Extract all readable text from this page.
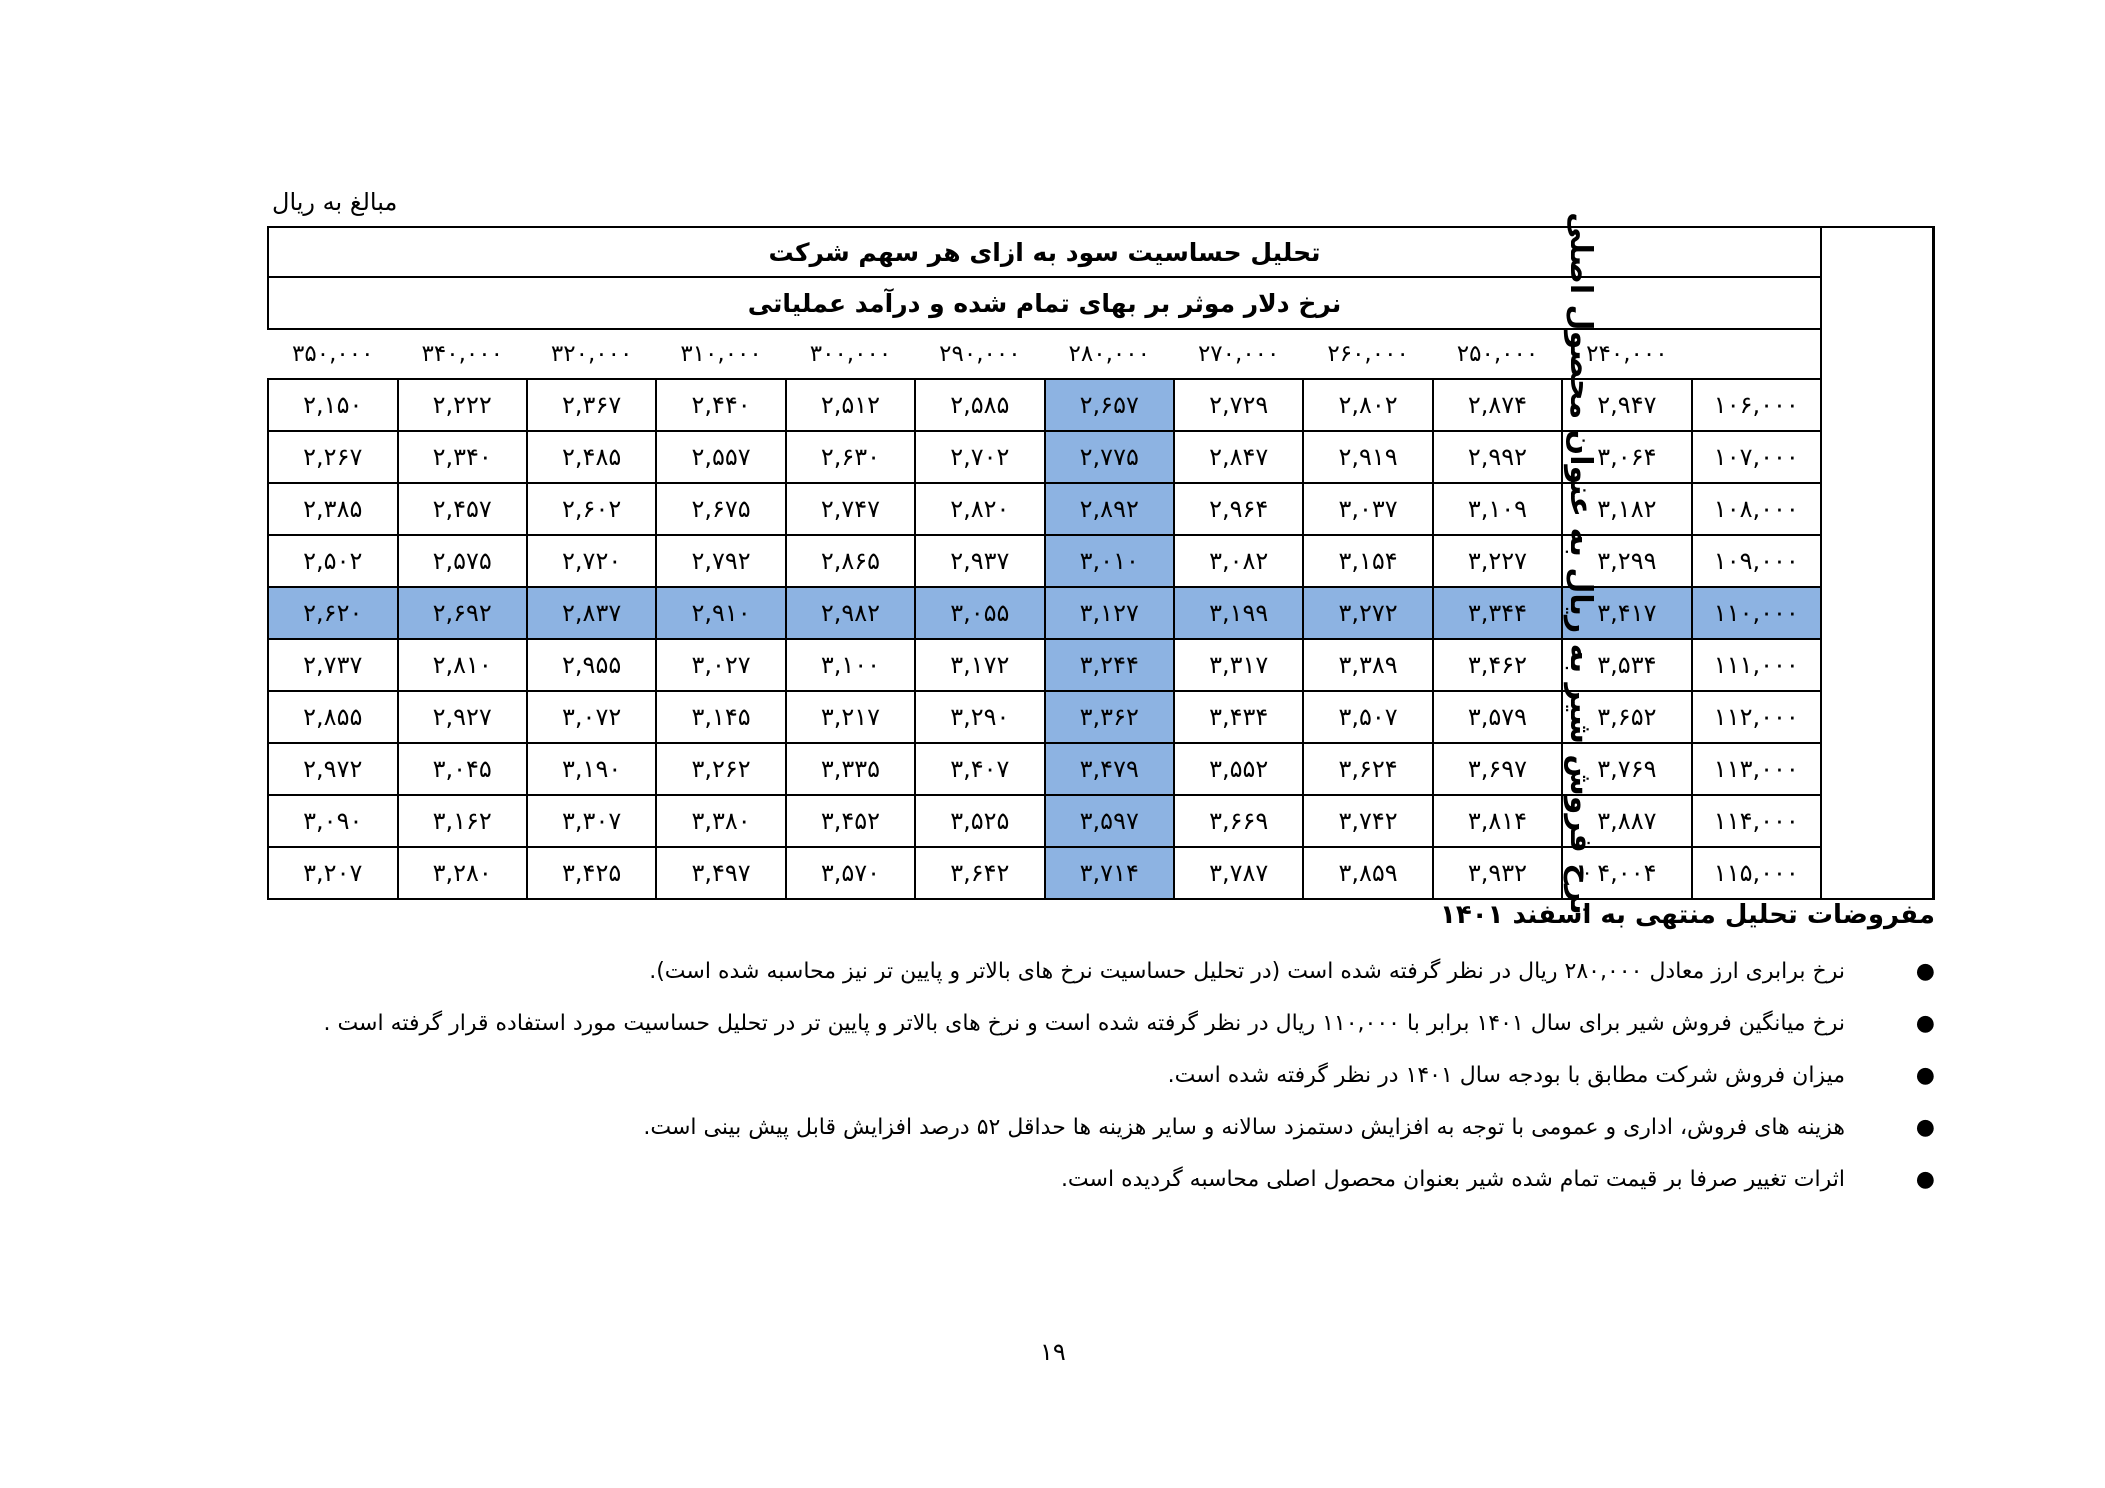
مبالغ به ریال
نرخ فروش شیر به ریال به عنوان محصول اصلی	تحلیل حساسیت سود به ازای هر سهم شرکت											
	نرخ دلار موثر بر بهای تمام شده و درآمد عملیاتی											
		۲۴۰,۰۰۰	۲۵۰,۰۰۰	۲۶۰,۰۰۰	۲۷۰,۰۰۰	۲۸۰,۰۰۰	۲۹۰,۰۰۰	۳۰۰,۰۰۰	۳۱۰,۰۰۰	۳۲۰,۰۰۰	۳۴۰,۰۰۰	۳۵۰,۰۰۰
	۱۰۶,۰۰۰	۲,۹۴۷	۲,۸۷۴	۲,۸۰۲	۲,۷۲۹	۲,۶۵۷	۲,۵۸۵	۲,۵۱۲	۲,۴۴۰	۲,۳۶۷	۲,۲۲۲	۲,۱۵۰
	۱۰۷,۰۰۰	۳,۰۶۴	۲,۹۹۲	۲,۹۱۹	۲,۸۴۷	۲,۷۷۵	۲,۷۰۲	۲,۶۳۰	۲,۵۵۷	۲,۴۸۵	۲,۳۴۰	۲,۲۶۷
	۱۰۸,۰۰۰	۳,۱۸۲	۳,۱۰۹	۳,۰۳۷	۲,۹۶۴	۲,۸۹۲	۲,۸۲۰	۲,۷۴۷	۲,۶۷۵	۲,۶۰۲	۲,۴۵۷	۲,۳۸۵
	۱۰۹,۰۰۰	۳,۲۹۹	۳,۲۲۷	۳,۱۵۴	۳,۰۸۲	۳,۰۱۰	۲,۹۳۷	۲,۸۶۵	۲,۷۹۲	۲,۷۲۰	۲,۵۷۵	۲,۵۰۲
	۱۱۰,۰۰۰	۳,۴۱۷	۳,۳۴۴	۳,۲۷۲	۳,۱۹۹	۳,۱۲۷	۳,۰۵۵	۲,۹۸۲	۲,۹۱۰	۲,۸۳۷	۲,۶۹۲	۲,۶۲۰
	۱۱۱,۰۰۰	۳,۵۳۴	۳,۴۶۲	۳,۳۸۹	۳,۳۱۷	۳,۲۴۴	۳,۱۷۲	۳,۱۰۰	۳,۰۲۷	۲,۹۵۵	۲,۸۱۰	۲,۷۳۷
	۱۱۲,۰۰۰	۳,۶۵۲	۳,۵۷۹	۳,۵۰۷	۳,۴۳۴	۳,۳۶۲	۳,۲۹۰	۳,۲۱۷	۳,۱۴۵	۳,۰۷۲	۲,۹۲۷	۲,۸۵۵
	۱۱۳,۰۰۰	۳,۷۶۹	۳,۶۹۷	۳,۶۲۴	۳,۵۵۲	۳,۴۷۹	۳,۴۰۷	۳,۳۳۵	۳,۲۶۲	۳,۱۹۰	۳,۰۴۵	۲,۹۷۲
	۱۱۴,۰۰۰	۳,۸۸۷	۳,۸۱۴	۳,۷۴۲	۳,۶۶۹	۳,۵۹۷	۳,۵۲۵	۳,۴۵۲	۳,۳۸۰	۳,۳۰۷	۳,۱۶۲	۳,۰۹۰
	۱۱۵,۰۰۰	۴,۰۰۴	۳,۹۳۲	۳,۸۵۹	۳,۷۸۷	۳,۷۱۴	۳,۶۴۲	۳,۵۷۰	۳,۴۹۷	۳,۴۲۵	۳,۲۸۰	۳,۲۰۷
مفروضات تحلیل منتهی به اسفند ۱۴۰۱
●
نرخ برابری ارز معادل ۲۸۰,۰۰۰ ریال در نظر گرفته شده است (در تحلیل حساسیت نرخ های بالاتر و پایین تر نیز محاسبه شده است).
●
نرخ میانگین فروش شیر برای سال ۱۴۰۱ برابر با ۱۱۰,۰۰۰ ریال در نظر گرفته شده است و نرخ های بالاتر و پایین تر در تحلیل حساسیت مورد استفاده قرار گرفته است .
●
میزان فروش شرکت مطابق با بودجه سال ۱۴۰۱ در نظر گرفته شده است.
●
هزینه های فروش، اداری و عمومی با توجه به افزایش دستمزد سالانه و سایر هزینه ها حداقل ۵۲ درصد افزایش قابل پیش بینی است.
●
اثرات تغییر صرفا بر قیمت تمام شده شیر بعنوان محصول اصلی محاسبه گردیده است.
۱۹
